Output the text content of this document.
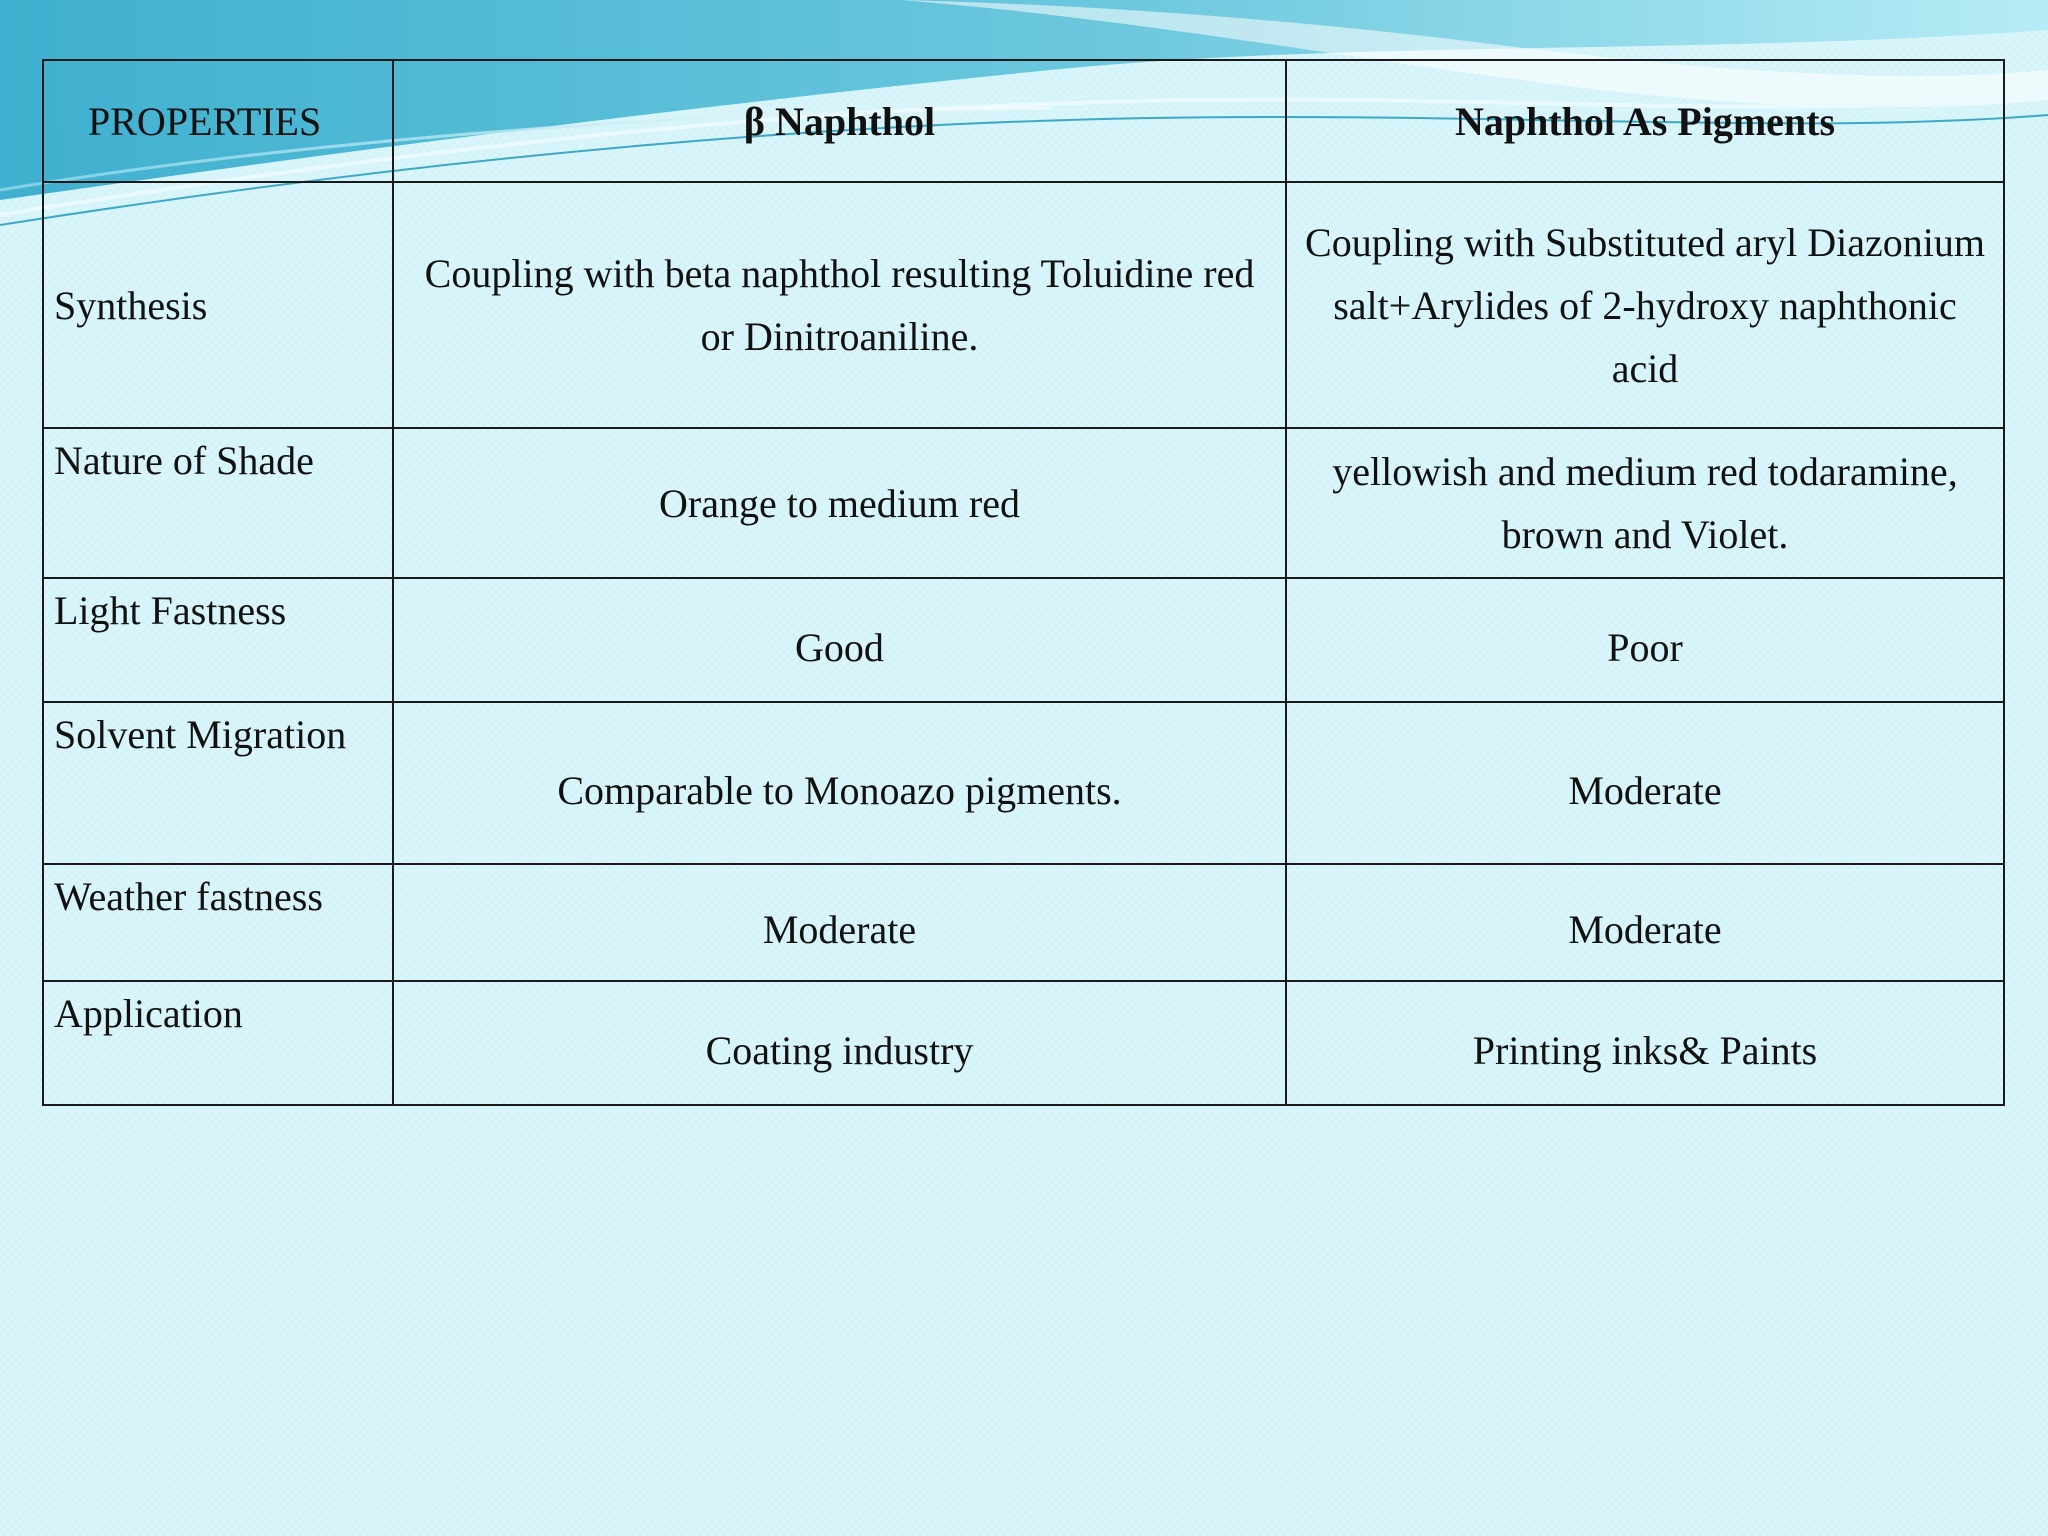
PROPERTIES	β Naphthol	Naphthol As Pigments
Synthesis	Coupling with beta naphthol resulting Toluidine red or Dinitroaniline.	Coupling with Substituted aryl Diazonium salt+Arylides of 2-hydroxy naphthonic acid
Nature of Shade	Orange to medium red	yellowish and medium red todaramine, brown and Violet.
Light Fastness	Good	Poor
Solvent Migration	Comparable to Monoazo pigments.	Moderate
Weather fastness	Moderate	Moderate
Application	Coating industry	Printing inks& Paints
